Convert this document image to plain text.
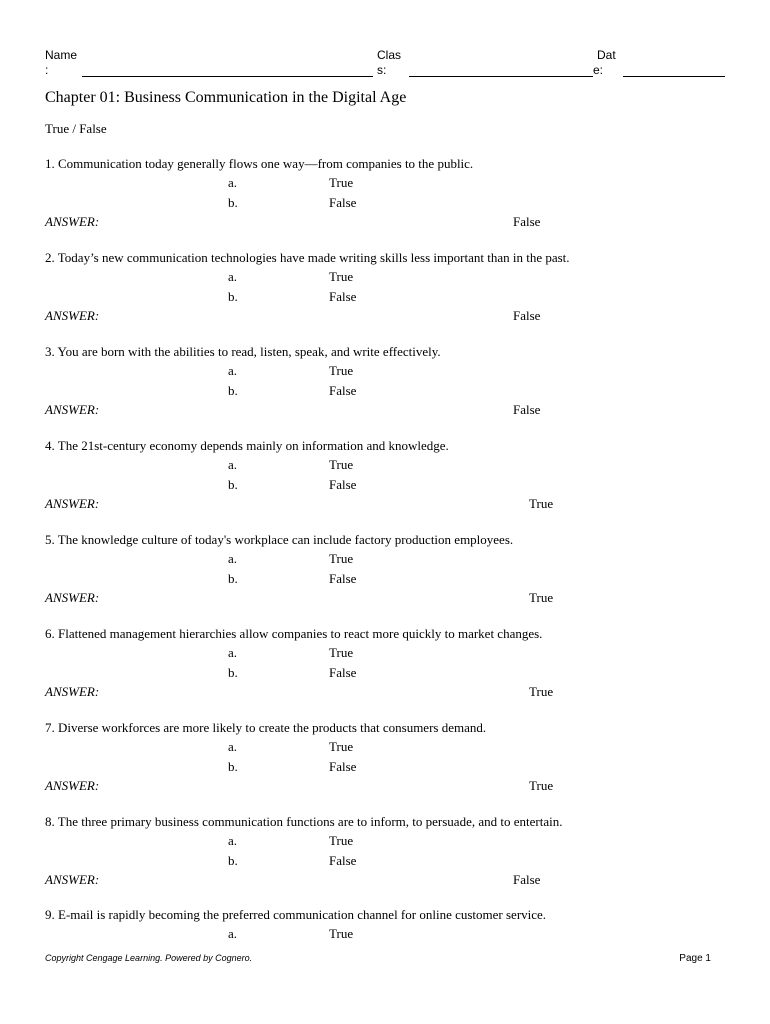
Name
:
Clas
s:
Dat
e:
Chapter 01: Business Communication in the Digital Age
True / False
1. Communication today generally flows one way—from companies to the public.
a.	True
b.	False
ANSWER:	False
2. Today’s new communication technologies have made writing skills less important than in the past.
a.	True
b.	False
ANSWER:	False
3. You are born with the abilities to read, listen, speak, and write effectively.
a.	True
b.	False
ANSWER:	False
4. The 21st-century economy depends mainly on information and knowledge.
a.	True
b.	False
ANSWER:	True
5. The knowledge culture of today's workplace can include factory production employees.
a.	True
b.	False
ANSWER:	True
6. Flattened management hierarchies allow companies to react more quickly to market changes.
a.	True
b.	False
ANSWER:	True
7. Diverse workforces are more likely to create the products that consumers demand.
a.	True
b.	False
ANSWER:	True
8. The three primary business communication functions are to inform, to persuade, and to entertain.
a.	True
b.	False
ANSWER:	False
9. E-mail is rapidly becoming the preferred communication channel for online customer service.
a.	True
Copyright Cengage Learning. Powered by Cognero.	Page 1
